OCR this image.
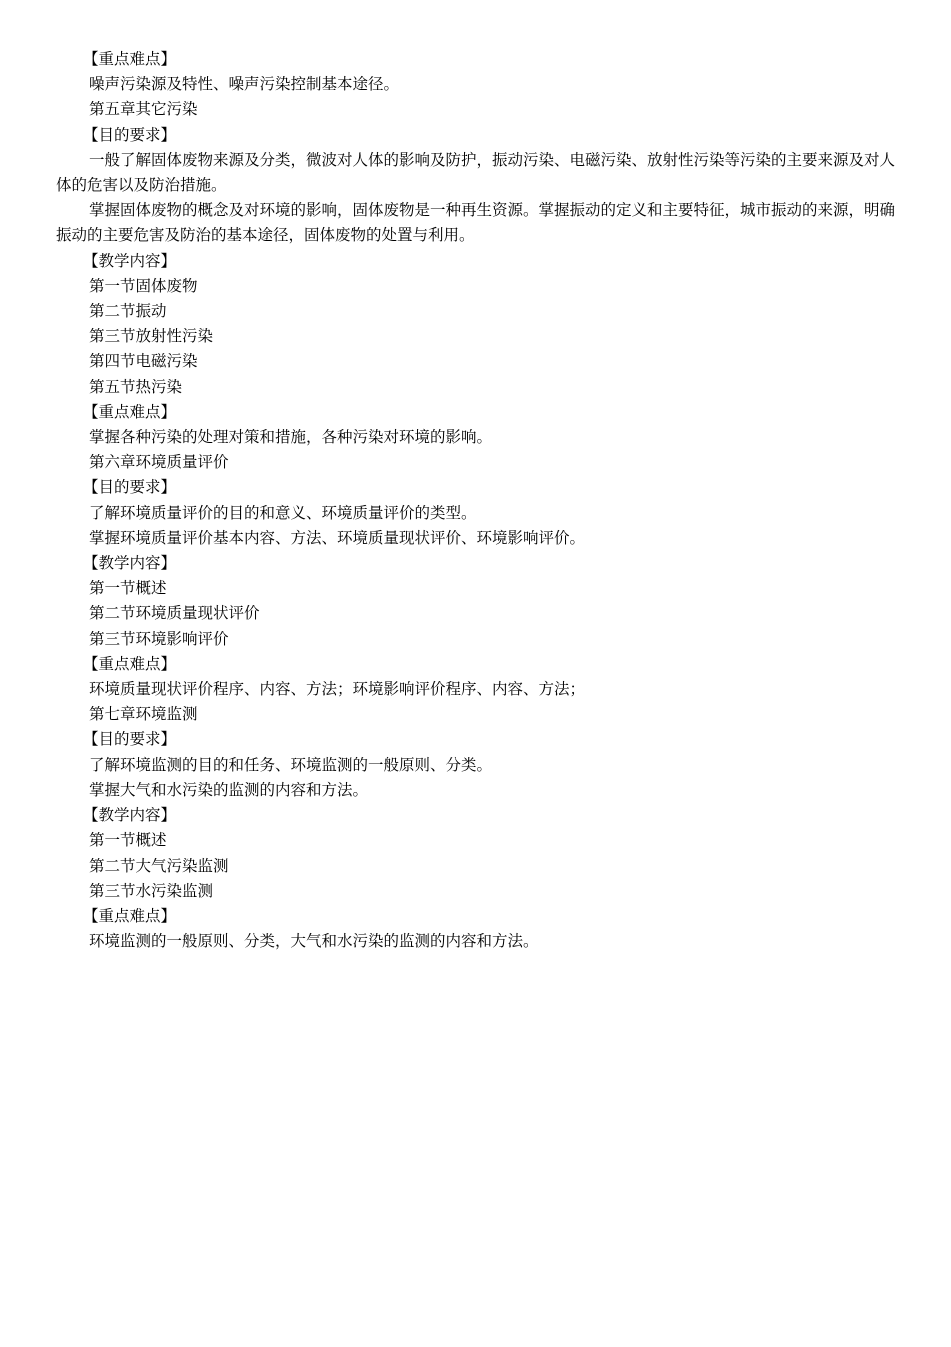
【重点难点】

噪声污染源及特性、噪声污染控制基本途径。

第五章其它污染

【目的要求】

一般了解固体废物来源及分类，微波对人体的影响及防护，振动污染、电磁污染、放射性污染等污染的主要来源及对人体的危害以及防治措施。

掌握固体废物的概念及对环境的影响，固体废物是一种再生资源。掌握振动的定义和主要特征，城市振动的来源，明确振动的主要危害及防治的基本途径，固体废物的处置与利用。

【教学内容】

第一节固体废物

第二节振动

第三节放射性污染

第四节电磁污染

第五节热污染

【重点难点】

掌握各种污染的处理对策和措施，各种污染对环境的影响。

第六章环境质量评价

【目的要求】

了解环境质量评价的目的和意义、环境质量评价的类型。

掌握环境质量评价基本内容、方法、环境质量现状评价、环境影响评价。

【教学内容】

第一节概述

第二节环境质量现状评价

第三节环境影响评价

【重点难点】

环境质量现状评价程序、内容、方法；环境影响评价程序、内容、方法；

第七章环境监测

【目的要求】

了解环境监测的目的和任务、环境监测的一般原则、分类。

掌握大气和水污染的监测的内容和方法。

【教学内容】

第一节概述

第二节大气污染监测

第三节水污染监测

【重点难点】

环境监测的一般原则、分类，大气和水污染的监测的内容和方法。
